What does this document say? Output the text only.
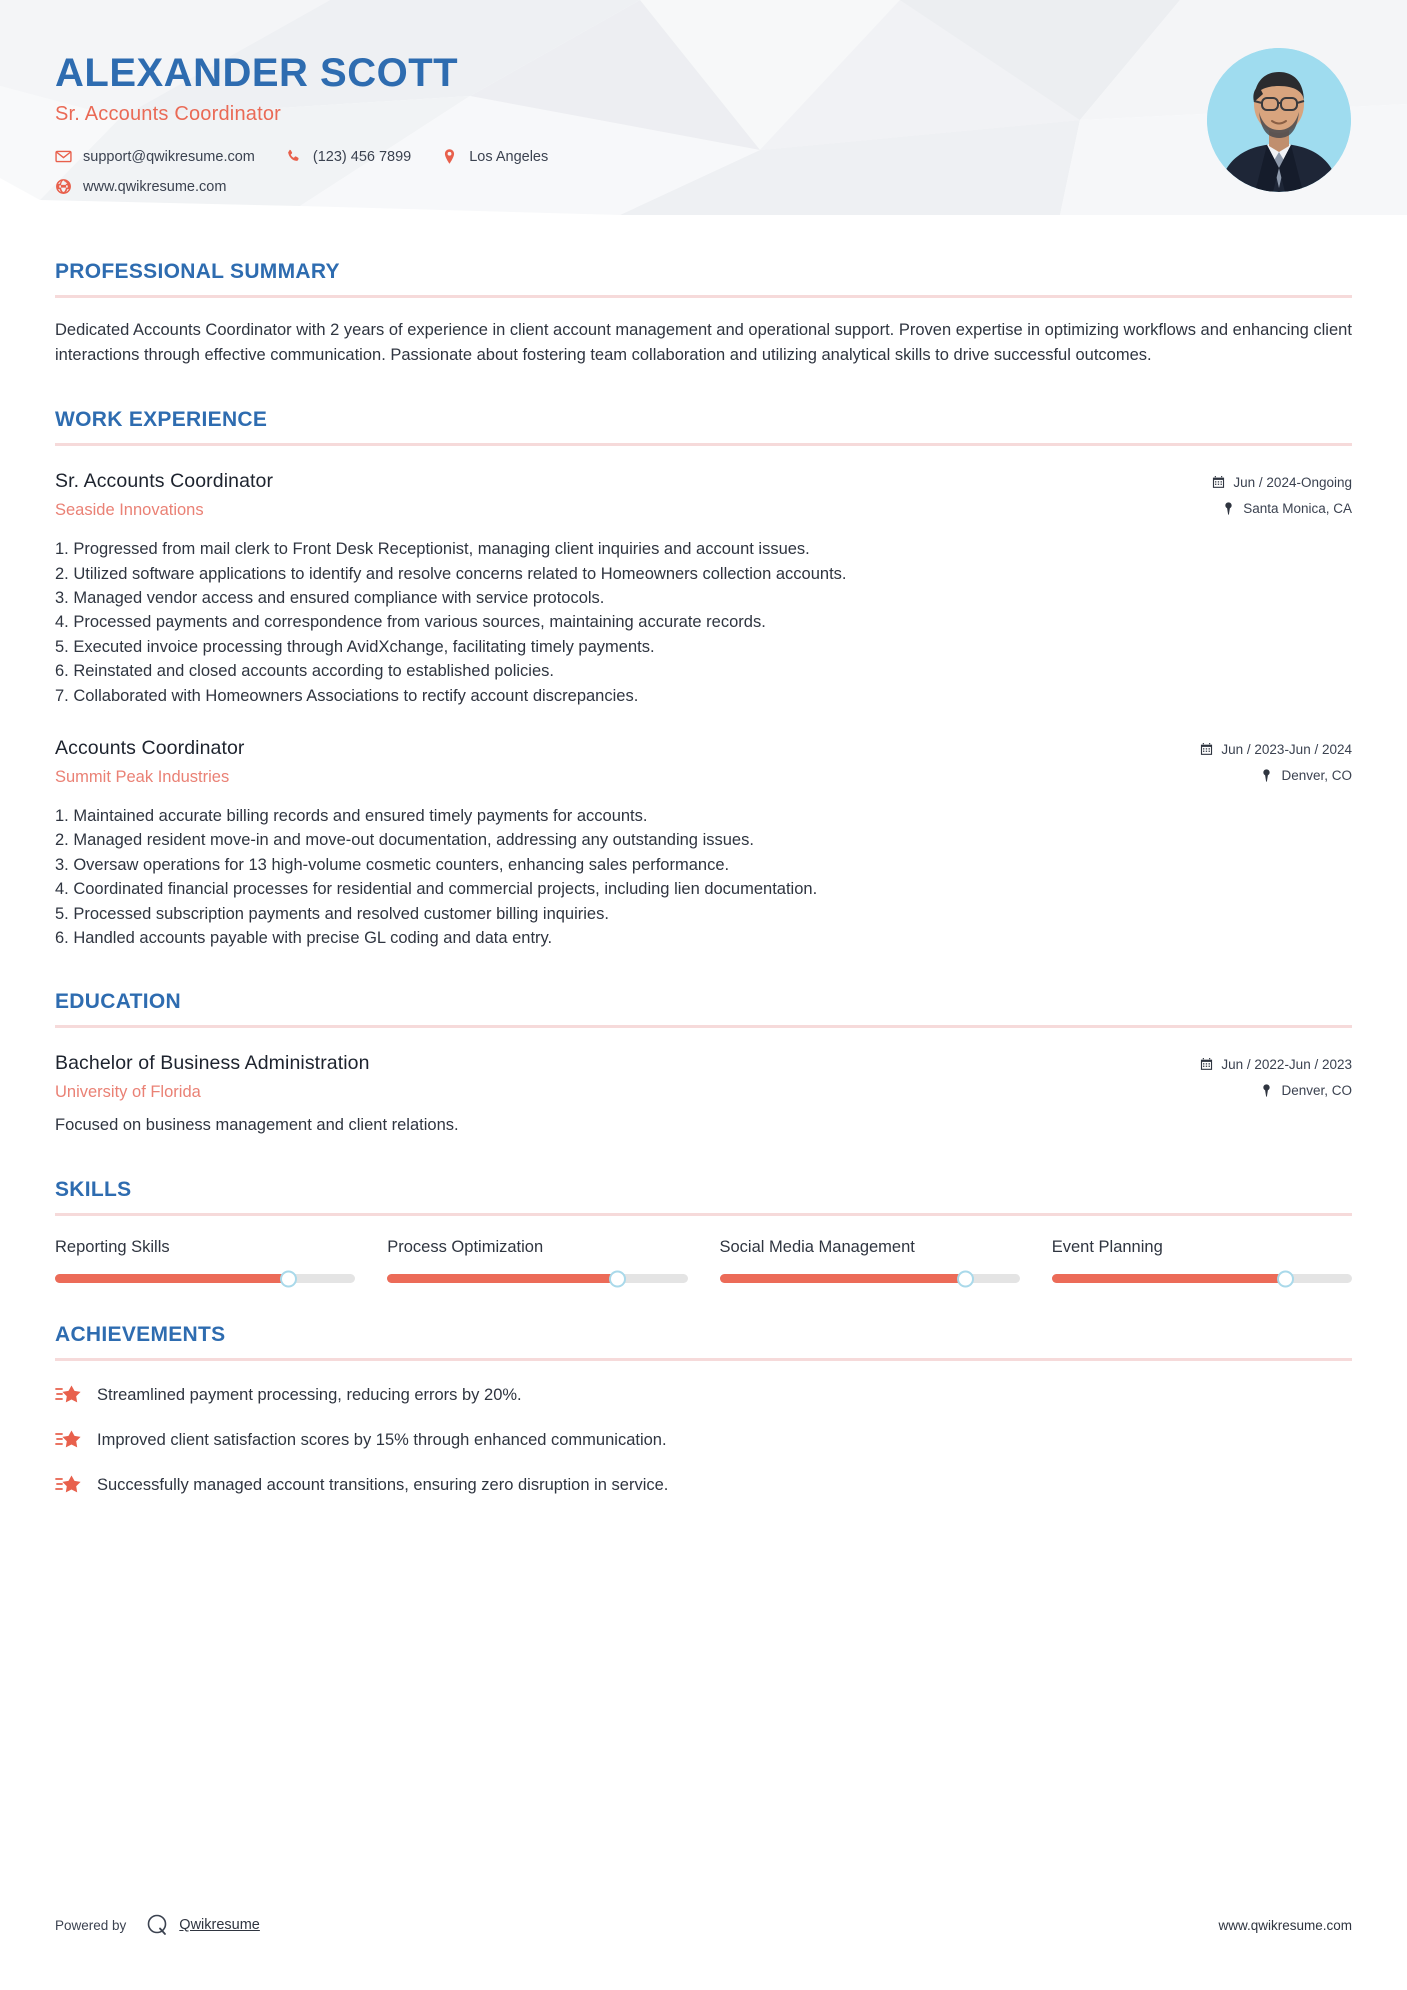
ALEXANDER SCOTT
Sr. Accounts Coordinator
support@qwikresume.com	(123) 456 7899	Los Angeles
www.qwikresume.com
PROFESSIONAL SUMMARY
Dedicated Accounts Coordinator with 2 years of experience in client account management and operational support. Proven expertise in optimizing workflows and enhancing client interactions through effective communication. Passionate about fostering team collaboration and utilizing analytical skills to drive successful outcomes.
WORK EXPERIENCE
Sr. Accounts Coordinator
Seaside Innovations
Jun / 2024-Ongoing
Santa Monica, CA
1. Progressed from mail clerk to Front Desk Receptionist, managing client inquiries and account issues.
2. Utilized software applications to identify and resolve concerns related to Homeowners collection accounts.
3. Managed vendor access and ensured compliance with service protocols.
4. Processed payments and correspondence from various sources, maintaining accurate records.
5. Executed invoice processing through AvidXchange, facilitating timely payments.
6. Reinstated and closed accounts according to established policies.
7. Collaborated with Homeowners Associations to rectify account discrepancies.
Accounts Coordinator
Summit Peak Industries
Jun / 2023-Jun / 2024
Denver, CO
1. Maintained accurate billing records and ensured timely payments for accounts.
2. Managed resident move-in and move-out documentation, addressing any outstanding issues.
3. Oversaw operations for 13 high-volume cosmetic counters, enhancing sales performance.
4. Coordinated financial processes for residential and commercial projects, including lien documentation.
5. Processed subscription payments and resolved customer billing inquiries.
6. Handled accounts payable with precise GL coding and data entry.
EDUCATION
Bachelor of Business Administration
University of Florida
Jun / 2022-Jun / 2023
Denver, CO
Focused on business management and client relations.
SKILLS
Reporting Skills	Process Optimization	Social Media Management	Event Planning
ACHIEVEMENTS
Streamlined payment processing, reducing errors by 20%.
Improved client satisfaction scores by 15% through enhanced communication.
Successfully managed account transitions, ensuring zero disruption in service.
Powered by	Qwikresume	www.qwikresume.com
